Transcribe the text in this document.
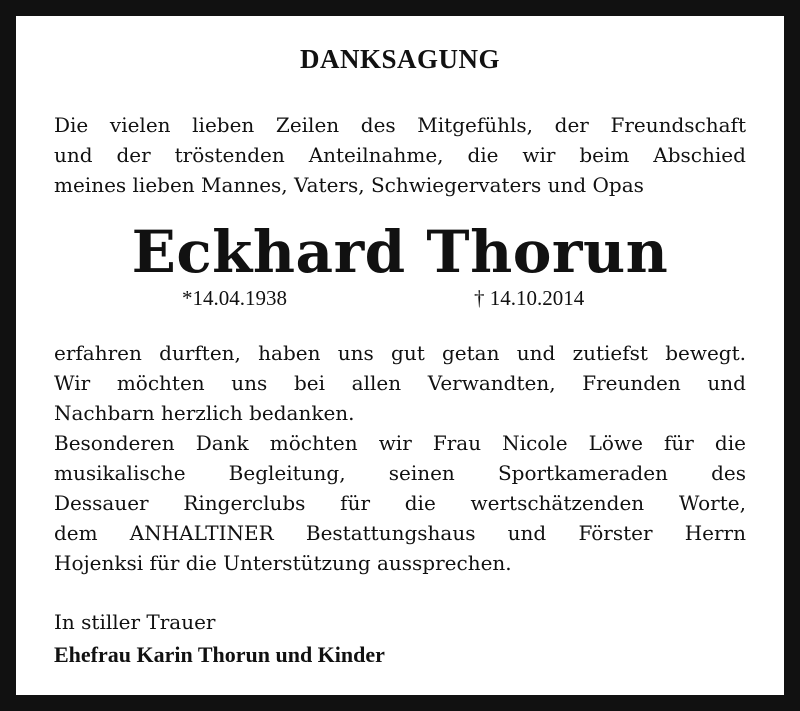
DANKSAGUNG
Die vielen lieben Zeilen des Mitgefühls, der Freundschaft
und der tröstenden Anteilnahme, die wir beim Abschied
meines lieben Mannes, Vaters, Schwiegervaters und Opas
Eckhard Thorun
*14.04.1938	† 14.10.2014
erfahren durften, haben uns gut getan und zutiefst bewegt.
Wir möchten uns bei allen Verwandten, Freunden und
Nachbarn herzlich bedanken.
Besonderen Dank möchten wir Frau Nicole Löwe für die
musikalische Begleitung, seinen Sportkameraden des
Dessauer Ringerclubs für die wertschätzenden Worte,
dem ANHALTINER Bestattungshaus und Förster Herrn
Hojenksi für die Unterstützung aussprechen.
In stiller Trauer
Ehefrau Karin Thorun und Kinder
